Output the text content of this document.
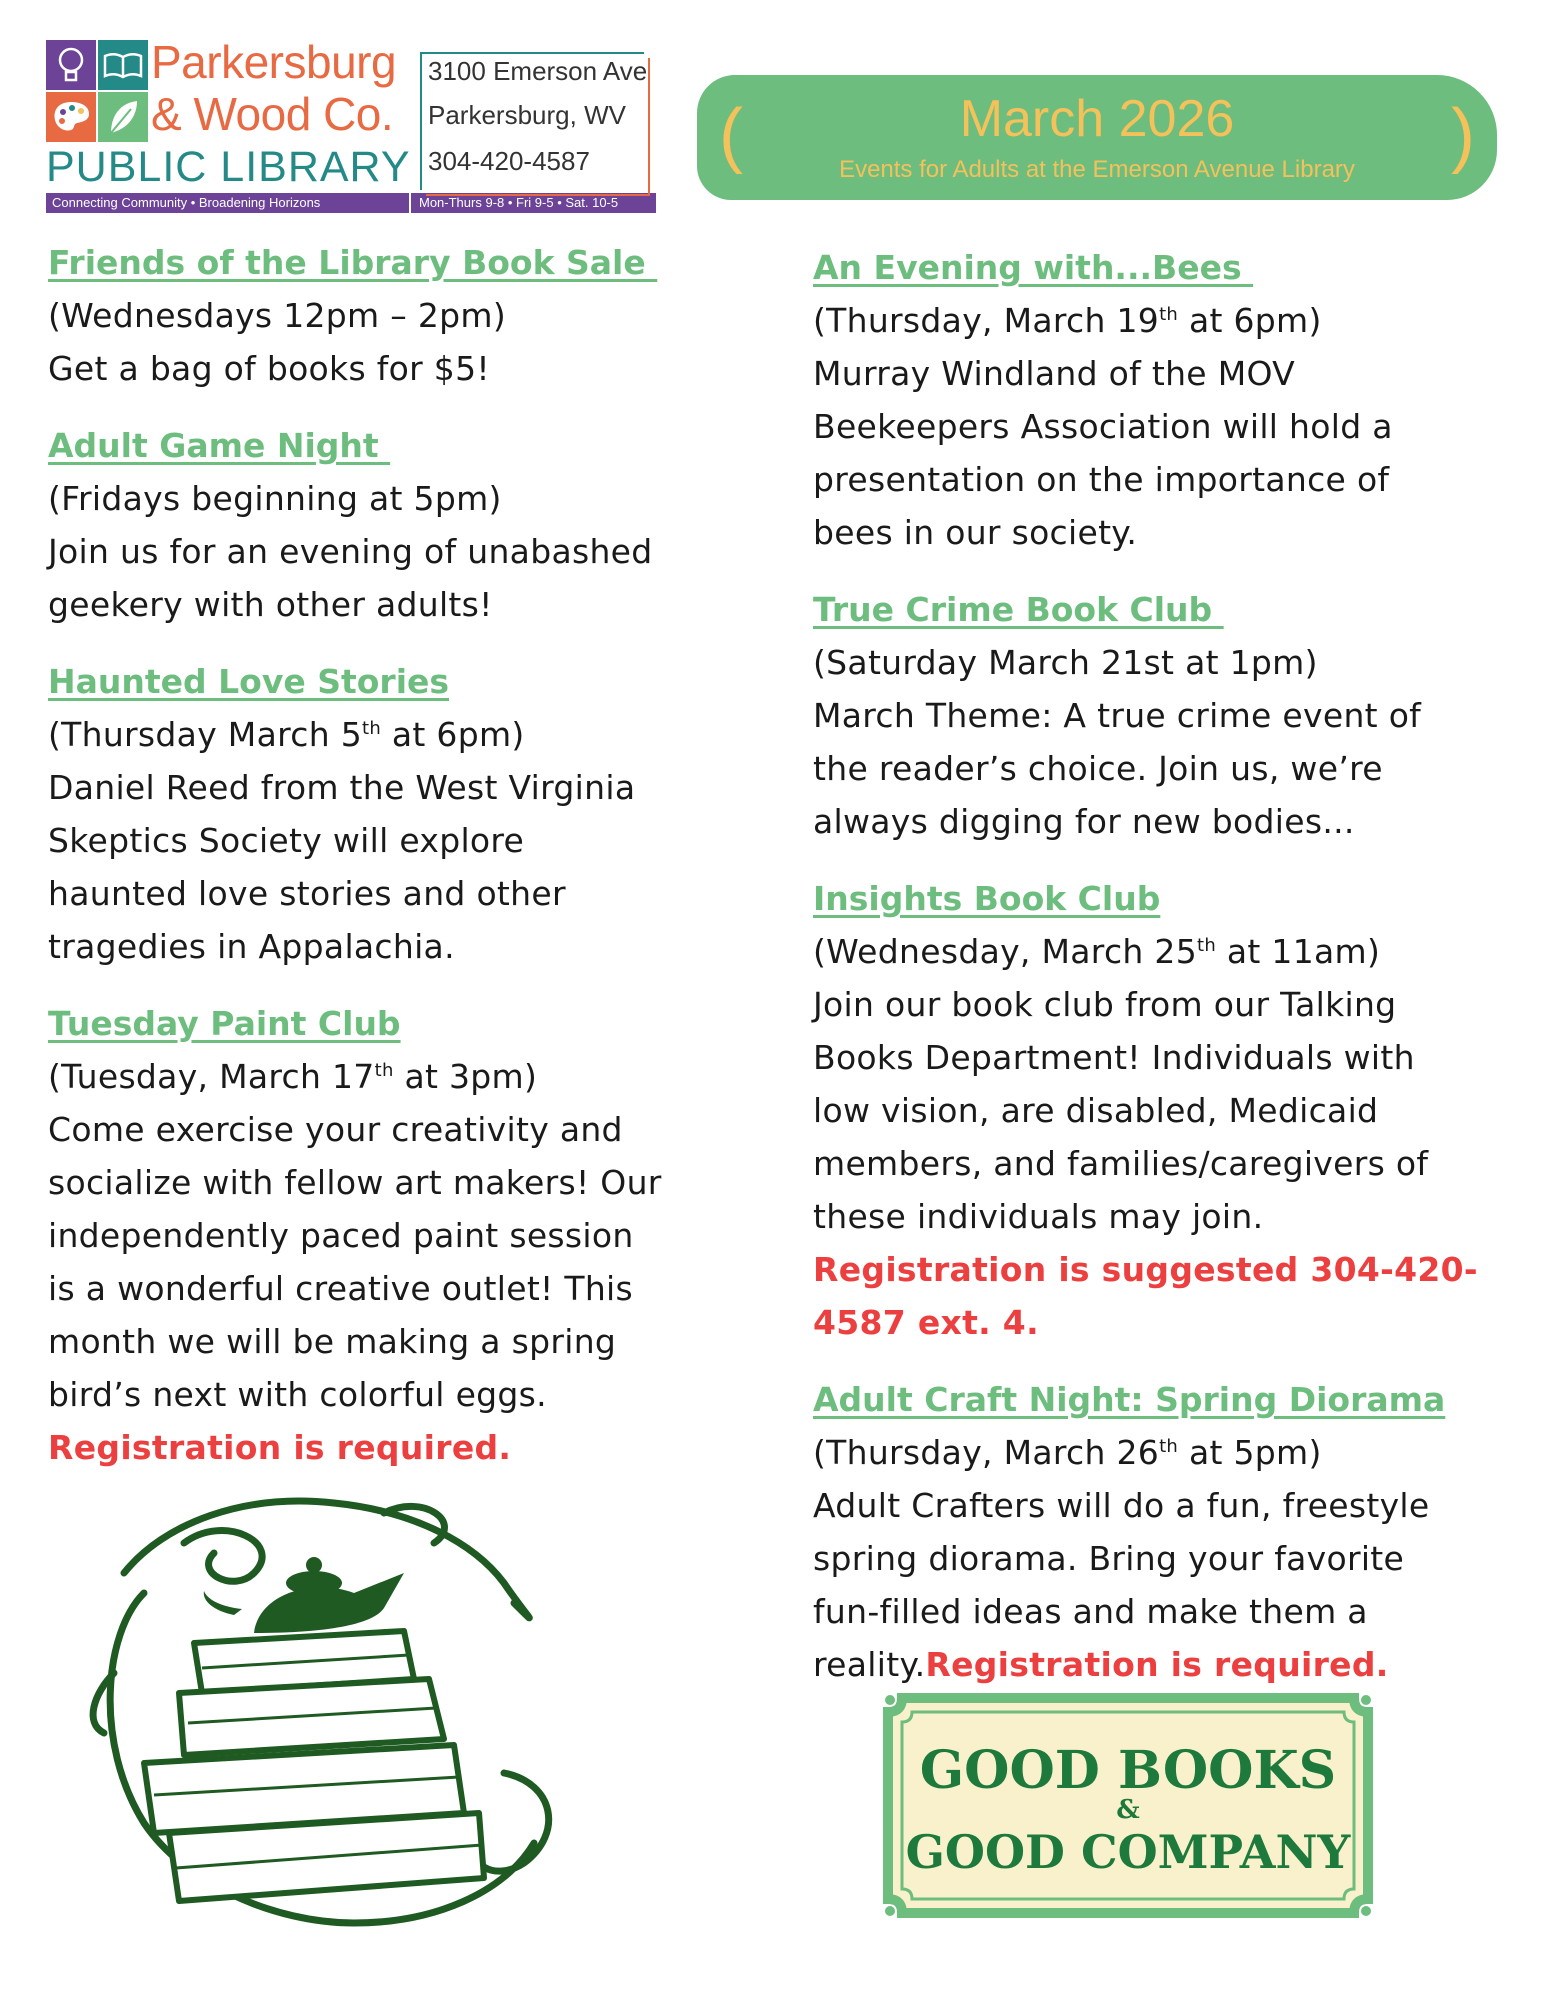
Parkersburg
& Wood Co.
PUBLIC LIBRARY
Connecting Community • Broadening Horizons	Mon-Thurs 9-8 • Fri 9-5 • Sat. 10-5
3100 Emerson Ave
Parkersburg, WV
304-420-4587 (	)
March 2026
Events for Adults at the Emerson Avenue Library
Friends of the Library Book Sale
(Wednesdays 12pm – 2pm)
Get a bag of books for $5!
Adult Game Night
(Fridays beginning at 5pm)
Join us for an evening of unabashed
geekery with other adults!
Haunted Love Stories
(Thursday March 5th at 6pm)
Daniel Reed from the West Virginia
Skeptics Society will explore
haunted love stories and other
tragedies in Appalachia.
Tuesday Paint Club
(Tuesday, March 17th at 3pm)
Come exercise your creativity and
socialize with fellow art makers! Our
independently paced paint session
is a wonderful creative outlet! This
month we will be making a spring
bird’s next with colorful eggs.
Registration is required.
An Evening with...Bees
(Thursday, March 19th at 6pm)
Murray Windland of the MOV
Beekeepers Association will hold a
presentation on the importance of
bees in our society.
True Crime Book Club
(Saturday March 21st at 1pm)
March Theme: A true crime event of
the reader’s choice. Join us, we’re
always digging for new bodies...
Insights Book Club
(Wednesday, March 25th at 11am)
Join our book club from our Talking
Books Department! Individuals with
low vision, are disabled, Medicaid
members, and families/caregivers of
these individuals may join.
Registration is suggested 304-420-
4587 ext. 4.
Adult Craft Night: Spring Diorama
(Thursday, March 26th at 5pm)
Adult Crafters will do a fun, freestyle
spring diorama. Bring your favorite
fun-filled ideas and make them a
reality.Registration is required.
GOOD BOOKS
&
GOOD COMPANY
